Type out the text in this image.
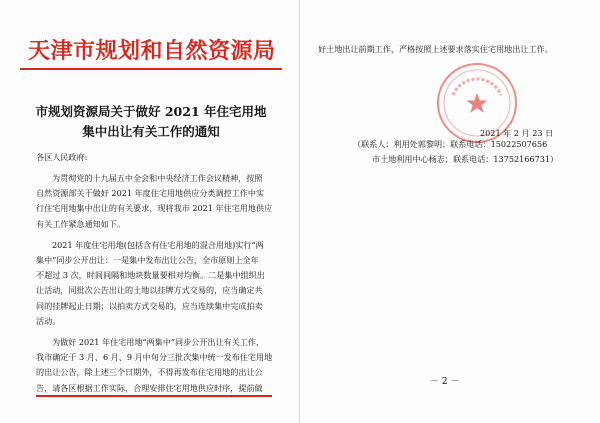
天津市规划和自然资源局
市规划资源局关于做好 2021 年住宅用地
集中出让有关工作的通知

各区人民政府:

为贯彻党的十九届五中全会和中央经济工作会议精神，按照

自然资源部关于做好 2021 年度住宅用地供应分类调控工作中实

行住宅用地集中出让的有关要求，现将我市 2021 年住宅用地供应

有关工作紧急通知如下。

2021 年度住宅用地(包括含有住宅用地的混合用地)实行“两

集中”同步公开出让：一是集中发布出让公告，全市原则上全年

不超过 3 次，时间间隔和地块数量要相对均衡。二是集中组织出

让活动，同批次公告出让的土地以挂牌方式交易的，应当确定共

同的挂牌起止日期；以拍卖方式交易的，应当连续集中完成拍卖

活动。

为做好 2021 年住宅用地“两集中”同步公开出让有关工作，

我市确定于 3 月、6 月、9 月中旬分三批次集中统一发布住宅用地

的出让公告，除上述三个日期外，不得再发布住宅用地的出让公

告，请各区根据工作实际，合理安排住宅用地供应时序，提前做

好土地出让前期工作，严格按照上述要求落实住宅用地出让工作。

2021 年 2 月 23 日

（联系人：利用处郭黎明；联系电话：15022507656

市土地利用中心杨志；联系电话：13752166731）

－ 2 －
